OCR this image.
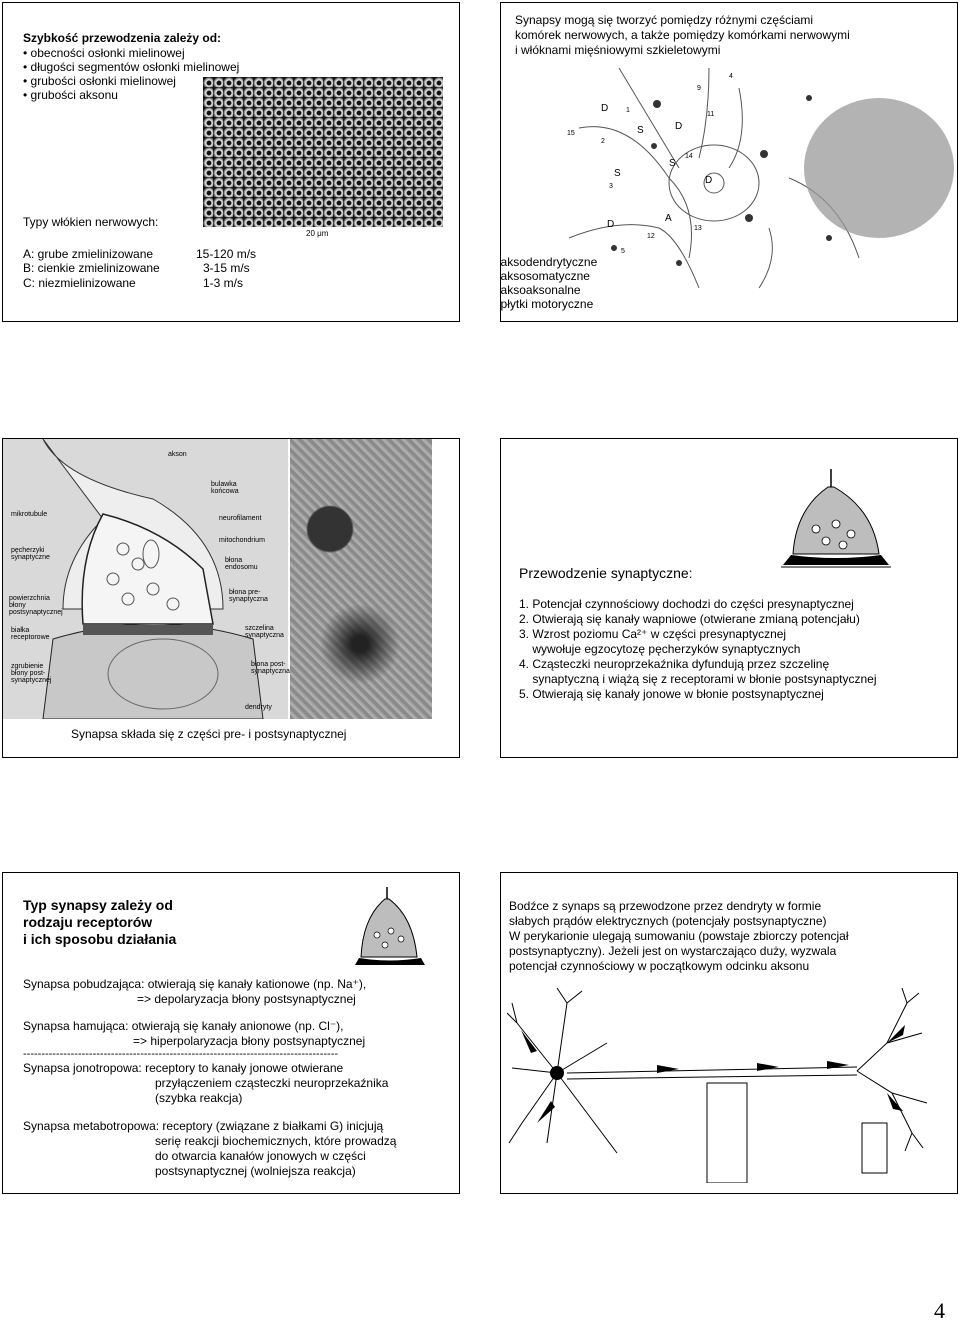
Szybkość przewodzenia zależy od:
• obecności osłonki mielinowej
• długości segmentów osłonki mielinowej
• grubości osłonki mielinowej
• grubości aksonu
Typy włókien nerwowych:
A: grube zmielinizowane	15-120 m/s
B: cienkie zmielinizowane	3-15 m/s
C: niezmielinizowane	1-3 m/s
20 μm
D
S	D
S
S
D
D
A
1
2
3
4
5
9
11
12
13
14
15
Synapsy mogą się tworzyć pomiędzy różnymi częściami
komórek nerwowych, a także pomiędzy komórkami nerwowymi
i włóknami mięśniowymi szkieletowymi
• aksodendrytyczne
• aksosomatyczne
• aksoaksonalne
• płytki motoryczne
akson
bulawka końcowa
mikrotubule
neurofilament
mitochondrium
pęcherzyki synaptyczne	błona endosomu
błona pre-synaptyczna
powierzchnia błony postsynaptycznej
białka receptorowe
zgrubienie błony post-synaptycznej
szczelina synaptyczna
błona post-synaptyczna
dendryty
Synapsa składa się z części pre- i postsynaptycznej
Przewodzenie synaptyczne:
1. Potencjał czynnościowy dochodzi do części presynaptycznej
2. Otwierają się kanały wapniowe (otwierane zmianą potencjału)
3. Wzrost poziomu Ca²⁺ w części presynaptycznej
wywołuje egzocytozę pęcherzyków synaptycznych
4. Cząsteczki neuroprzekaźnika dyfundują przez szczelinę
synaptyczną i wiążą się z receptorami w błonie postsynaptycznej
5. Otwierają się kanały jonowe w błonie postsynaptycznej
Typ synapsy zależy od
rodzaju receptorów
i ich sposobu działania
Synapsa pobudzająca: otwierają się kanały kationowe (np. Na⁺),
=> depolaryzacja błony postsynaptycznej
Synapsa hamująca: otwierają się kanały anionowe (np. Cl⁻),
=> hiperpolaryzacja błony postsynaptycznej
--------------------------------------------------------------------------------------
Synapsa jonotropowa: receptory to kanały jonowe otwierane
przyłączeniem cząsteczki neuroprzekaźnika
(szybka reakcja)
Synapsa metabotropowa: receptory (związane z białkami G) inicjują
serię reakcji biochemicznych, które prowadzą
do otwarcia kanałów jonowych w części
postsynaptycznej (wolniejsza reakcja)
Bodźce z synaps są przewodzone przez dendryty w formie
słabych prądów elektrycznych (potencjały postsynaptyczne)
W perykarionie ulegają sumowaniu (powstaje zbiorczy potencjał
postsynaptyczny). Jeżeli jest on wystarczająco duży, wyzwala
potencjał czynnościowy w początkowym odcinku aksonu
4
